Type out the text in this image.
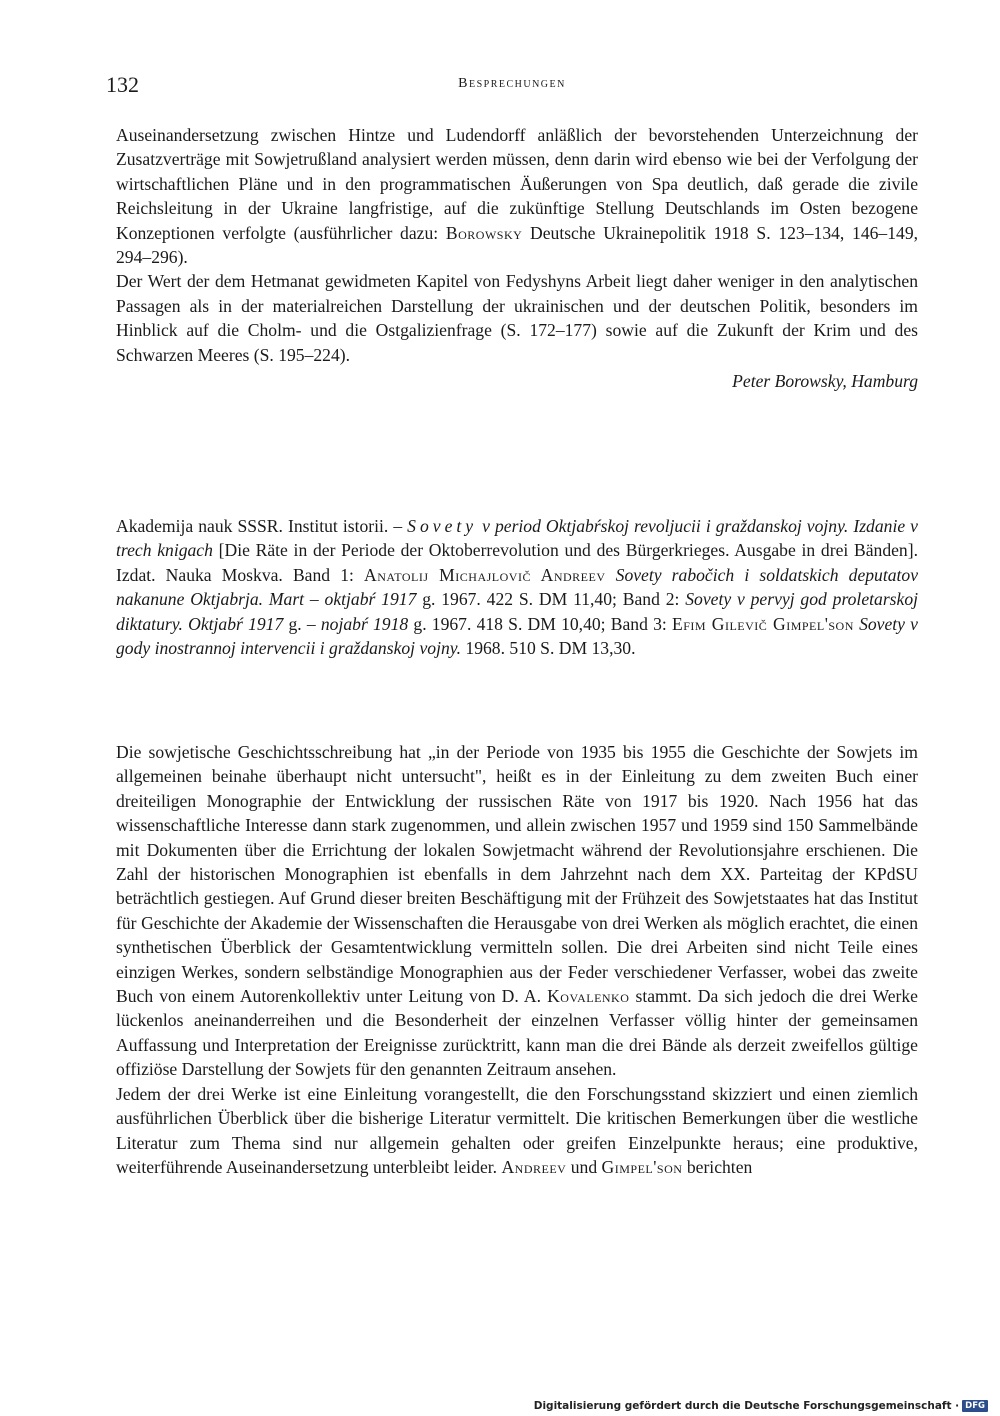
132	Besprechungen

Auseinandersetzung zwischen Hintze und Ludendorff anläßlich der bevorstehenden Unterzeichnung der Zusatzverträge mit Sowjetrußland analysiert werden müssen, denn darin wird ebenso wie bei der Verfolgung der wirtschaftlichen Pläne und in den programmatischen Äußerungen von Spa deutlich, daß gerade die zivile Reichsleitung in der Ukraine langfristige, auf die zukünftige Stellung Deutschlands im Osten bezogene Konzeptionen verfolgte (ausführlicher dazu: Borowsky Deutsche Ukrainepolitik 1918 S. 123–134, 146–149, 294–296).

Der Wert der dem Hetmanat gewidmeten Kapitel von Fedyshyns Arbeit liegt daher weniger in den analytischen Passagen als in der materialreichen Darstellung der ukrainischen und der deutschen Politik, besonders im Hinblick auf die Cholm- und die Ostgalizienfrage (S. 172–177) sowie auf die Zukunft der Krim und des Schwarzen Meeres (S. 195–224).

Peter Borowsky, Hamburg

Akademija nauk SSSR. Institut istorii. – Sovety v period Oktjabŕskoj revoljucii i graždanskoj vojny. Izdanie v trech knigach [Die Räte in der Periode der Oktoberrevolution und des Bürgerkrieges. Ausgabe in drei Bänden]. Izdat. Nauka Moskva. Band 1: Anatolij Michajlovič Andreev Sovety rabočich i soldatskich deputatov nakanune Oktjabrja. Mart – oktjabŕ 1917 g. 1967. 422 S. DM 11,40; Band 2: Sovety v pervyj god proletarskoj diktatury. Oktjabŕ 1917 g. – nojabŕ 1918 g. 1967. 418 S. DM 10,40; Band 3: Efim Gilevič Gimpel'son Sovety v gody inostrannoj intervencii i graždanskoj vojny. 1968. 510 S. DM 13,30.

Die sowjetische Geschichtsschreibung hat „in der Periode von 1935 bis 1955 die Geschichte der Sowjets im allgemeinen beinahe überhaupt nicht untersucht", heißt es in der Einleitung zu dem zweiten Buch einer dreiteiligen Monographie der Entwicklung der russischen Räte von 1917 bis 1920. Nach 1956 hat das wissenschaftliche Interesse dann stark zugenommen, und allein zwischen 1957 und 1959 sind 150 Sammelbände mit Dokumenten über die Errichtung der lokalen Sowjetmacht während der Revolutionsjahre erschienen. Die Zahl der historischen Monographien ist ebenfalls in dem Jahrzehnt nach dem XX. Parteitag der KPdSU beträchtlich gestiegen. Auf Grund dieser breiten Beschäftigung mit der Frühzeit des Sowjetstaates hat das Institut für Geschichte der Akademie der Wissenschaften die Herausgabe von drei Werken als möglich erachtet, die einen synthetischen Überblick der Gesamtentwicklung vermitteln sollen. Die drei Arbeiten sind nicht Teile eines einzigen Werkes, sondern selbständige Monographien aus der Feder verschiedener Verfasser, wobei das zweite Buch von einem Autorenkollektiv unter Leitung von D. A. Kovalenko stammt. Da sich jedoch die drei Werke lückenlos aneinanderreihen und die Besonderheit der einzelnen Verfasser völlig hinter der gemeinsamen Auffassung und Interpretation der Ereignisse zurücktritt, kann man die drei Bände als derzeit zweifellos gültige offiziöse Darstellung der Sowjets für den genannten Zeitraum ansehen.

Jedem der drei Werke ist eine Einleitung vorangestellt, die den Forschungsstand skizziert und einen ziemlich ausführlichen Überblick über die bisherige Literatur vermittelt. Die kritischen Bemerkungen über die westliche Literatur zum Thema sind nur allgemein gehalten oder greifen Einzelpunkte heraus; eine produktive, weiterführende Auseinandersetzung unterbleibt leider. Andreev und Gimpel'son berichten

Digitalisierung gefördert durch die Deutsche Forschungsgemeinschaft · DFG
